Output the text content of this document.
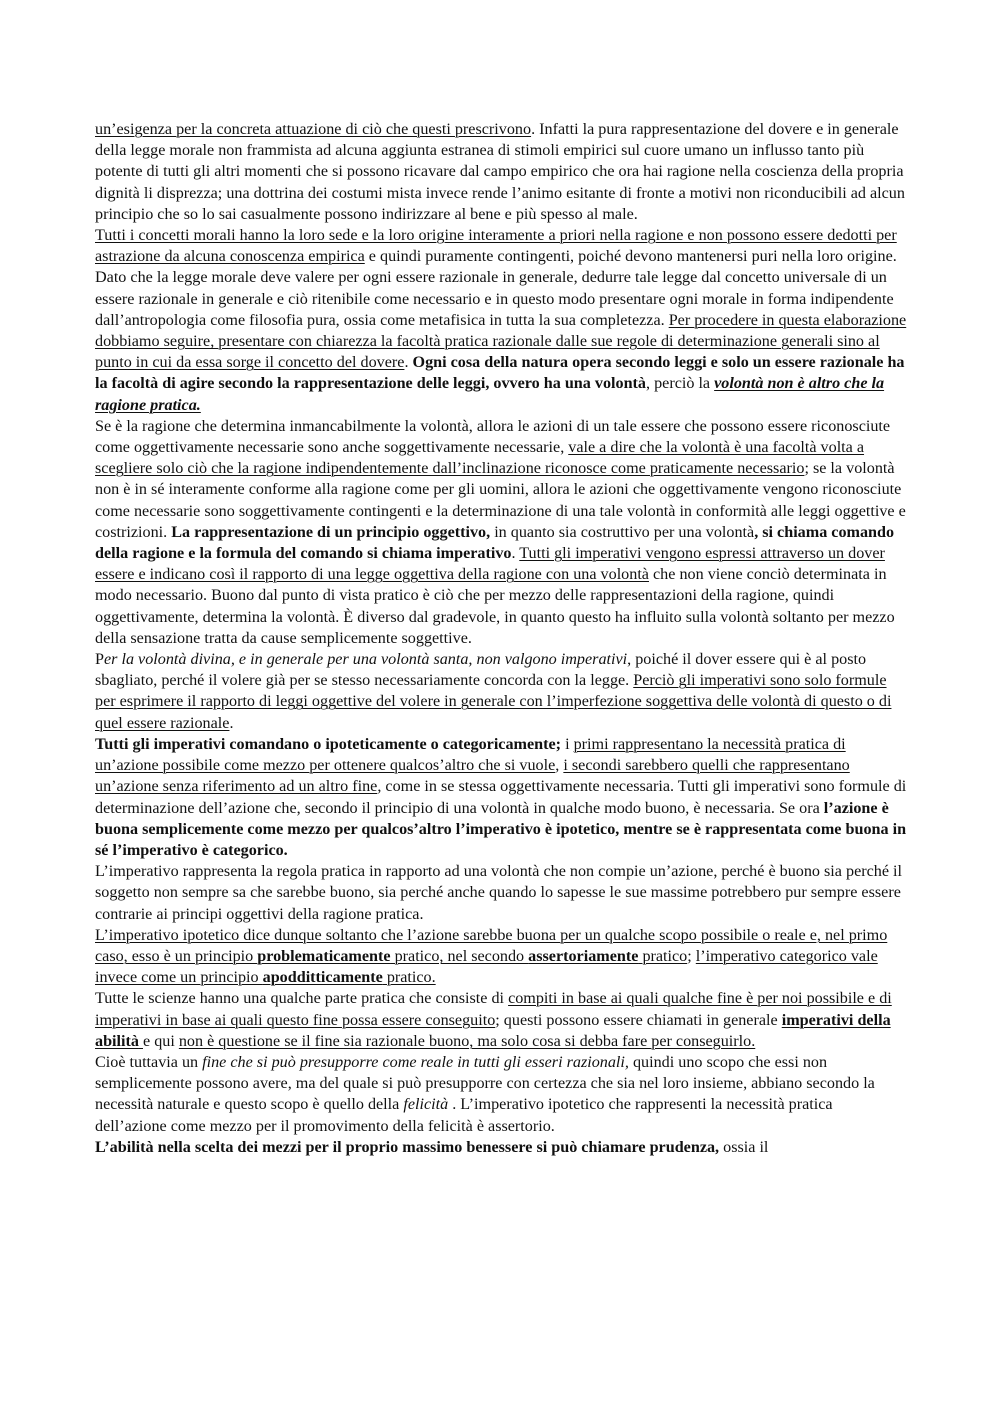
un’esigenza per la concreta attuazione di ciò che questi prescrivono. Infatti la pura rappresentazione del dovere e in generale della legge morale non frammista ad alcuna aggiunta estranea di stimoli empirici sul cuore umano un influsso tanto più potente di tutti gli altri momenti che si possono ricavare dal campo empirico che ora hai ragione nella coscienza della propria dignità li disprezza; una dottrina dei costumi mista invece rende l’animo esitante di fronte a motivi non riconducibili ad alcun principio che so lo sai casualmente possono indirizzare al bene e più spesso al male.

Tutti i concetti morali hanno la loro sede e la loro origine interamente a priori nella ragione e non possono essere dedotti per astrazione da alcuna conoscenza empirica e quindi puramente contingenti, poiché devono mantenersi puri nella loro origine.

Dato che la legge morale deve valere per ogni essere razionale in generale, dedurre tale legge dal concetto universale di un essere razionale in generale e ciò ritenibile come necessario e in questo modo presentare ogni morale in forma indipendente dall’antropologia come filosofia pura, ossia come metafisica in tutta la sua completezza. Per procedere in questa elaborazione dobbiamo seguire, presentare con chiarezza la facoltà pratica razionale dalle sue regole di determinazione generali sino al punto in cui da essa sorge il concetto del dovere. Ogni cosa della natura opera secondo leggi e solo un essere razionale ha la facoltà di agire secondo la rappresentazione delle leggi, ovvero ha una volontà, perciò la volontà non è altro che la ragione pratica.

Se è la ragione che determina inmancabilmente la volontà, allora le azioni di un tale essere che possono essere riconosciute come oggettivamente necessarie sono anche soggettivamente necessarie, vale a dire che la volontà è una facoltà volta a scegliere solo ciò che la ragione indipendentemente dall’inclinazione riconosce come praticamente necessario; se la volontà non è in sé interamente conforme alla ragione come per gli uomini, allora le azioni che oggettivamente vengono riconosciute come necessarie sono soggettivamente contingenti e la determinazione di una tale volontà in conformità alle leggi oggettive e costrizioni. La rappresentazione di un principio oggettivo, in quanto sia costruttivo per una volontà, si chiama comando della ragione e la formula del comando si chiama imperativo. Tutti gli imperativi vengono espressi attraverso un dover essere e indicano così il rapporto di una legge oggettiva della ragione con una volontà che non viene conciò determinata in modo necessario. Buono dal punto di vista pratico è ciò che per mezzo delle rappresentazioni della ragione, quindi oggettivamente, determina la volontà. È diverso dal gradevole, in quanto questo ha influito sulla volontà soltanto per mezzo della sensazione tratta da cause semplicemente soggettive.

Per la volontà divina, e in generale per una volontà santa, non valgono imperativi, poiché il dover essere qui è al posto sbagliato, perché il volere già per se stesso necessariamente concorda con la legge. Perciò gli imperativi sono solo formule per esprimere il rapporto di leggi oggettive del volere in generale con l’imperfezione soggettiva delle volontà di questo o di quel essere razionale.

Tutti gli imperativi comandano o ipoteticamente o categoricamente; i primi rappresentano la necessità pratica di un’azione possibile come mezzo per ottenere qualcos’altro che si vuole, i secondi sarebbero quelli che rappresentano un’azione senza riferimento ad un altro fine, come in se stessa oggettivamente necessaria. Tutti gli imperativi sono formule di determinazione dell’azione che, secondo il principio di una volontà in qualche modo buono, è necessaria. Se ora l’azione è buona semplicemente come mezzo per qualcos’altro l’imperativo è ipotetico, mentre se è rappresentata come buona in sé l’imperativo è categorico.

L’imperativo rappresenta la regola pratica in rapporto ad una volontà che non compie un’azione, perché è buono sia perché il soggetto non sempre sa che sarebbe buono, sia perché anche quando lo sapesse le sue massime potrebbero pur sempre essere contrarie ai principi oggettivi della ragione pratica.

L’imperativo ipotetico dice dunque soltanto che l’azione sarebbe buona per un qualche scopo possibile o reale e, nel primo caso, esso è un principio problematicamente pratico, nel secondo assertoriamente pratico; l’imperativo categorico vale invece come un principio apodditticamente pratico.

Tutte le scienze hanno una qualche parte pratica che consiste di compiti in base ai quali qualche fine è per noi possibile e di imperativi in base ai quali questo fine possa essere conseguito; questi possono essere chiamati in generale imperativi della abilità e qui non è questione se il fine sia razionale buono, ma solo cosa si debba fare per conseguirlo.

Cioè tuttavia un fine che si può presupporre come reale in tutti gli esseri razionali, quindi uno scopo che essi non semplicemente possono avere, ma del quale si può presupporre con certezza che sia nel loro insieme, abbiano secondo la necessità naturale e questo scopo è quello della felicità . L’imperativo ipotetico che rappresenti la necessità pratica dell’azione come mezzo per il promovimento della felicità è assertorio.

L’abilità nella scelta dei mezzi per il proprio massimo benessere si può chiamare prudenza, ossia il
